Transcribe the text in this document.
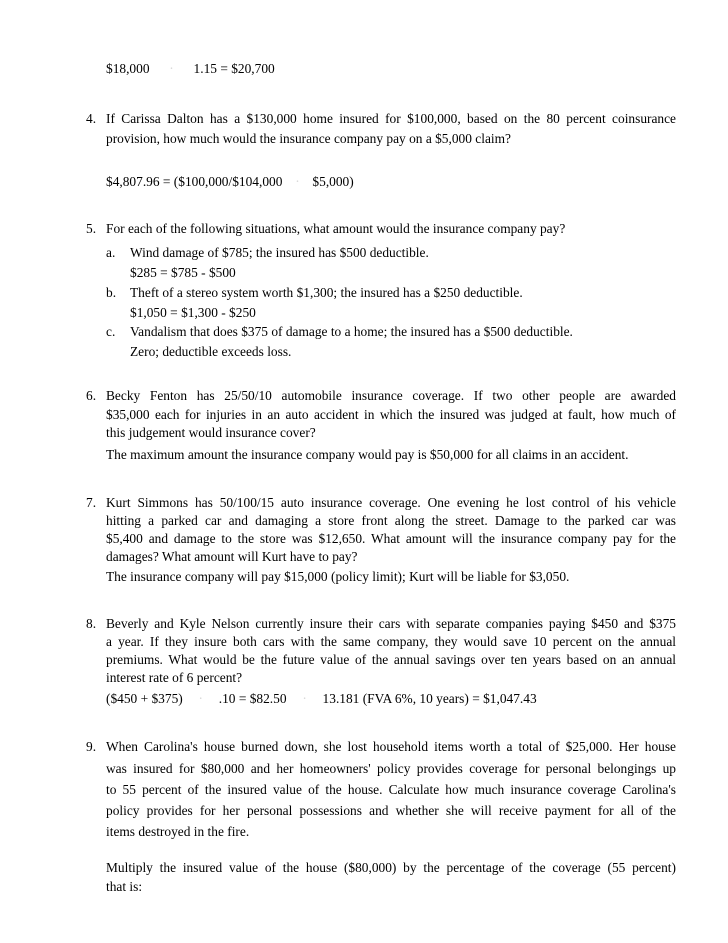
$18,000 ·	1.15 = $20,700
4. If Carissa Dalton has a $130,000 home insured for $100,000, based on the 80 percent coinsurance
provision, how much would the insurance company pay on a $5,000 claim?
$4,807.96 = ($100,000/$104,000 · $5,000)
5. For each of the following situations, what amount would the insurance company pay?
a. Wind damage of $785; the insured has $500 deductible.
$285 = $785 - $500
b. Theft of a stereo system worth $1,300; the insured has a $250 deductible.
$1,050 = $1,300 - $250
c. Vandalism that does $375 of damage to a home; the insured has a $500 deductible.
Zero; deductible exceeds loss.
6. Becky Fenton has 25/50/10 automobile insurance coverage. If two other people are awarded
$35,000 each for injuries in an auto accident in which the insured was judged at fault, how much of
this judgement would insurance cover?
The maximum amount the insurance company would pay is $50,000 for all claims in an accident.
7. Kurt Simmons has 50/100/15 auto insurance coverage. One evening he lost control of his vehicle
hitting a parked car and damaging a store front along the street. Damage to the parked car was
$5,400 and damage to the store was $12,650. What amount will the insurance company pay for the
damages? What amount will Kurt have to pay?
The insurance company will pay $15,000 (policy limit); Kurt will be liable for $3,050.
8. Beverly and Kyle Nelson currently insure their cars with separate companies paying $450 and $375
a year. If they insure both cars with the same company, they would save 10 percent on the annual
premiums. What would be the future value of the annual savings over ten years based on an annual
interest rate of 6 percent?
($450 + $375) ·	.10 = $82.50 ·	13.181 (FVA 6%, 10 years) = $1,047.43
9. When Carolina's house burned down, she lost household items worth a total of $25,000. Her house
was insured for $80,000 and her homeowners' policy provides coverage for personal belongings up
to 55 percent of the insured value of the house. Calculate how much insurance coverage Carolina's
policy provides for her personal possessions and whether she will receive payment for all of the
items destroyed in the fire.
Multiply the insured value of the house ($80,000) by the percentage of the coverage (55 percent)
that is:
